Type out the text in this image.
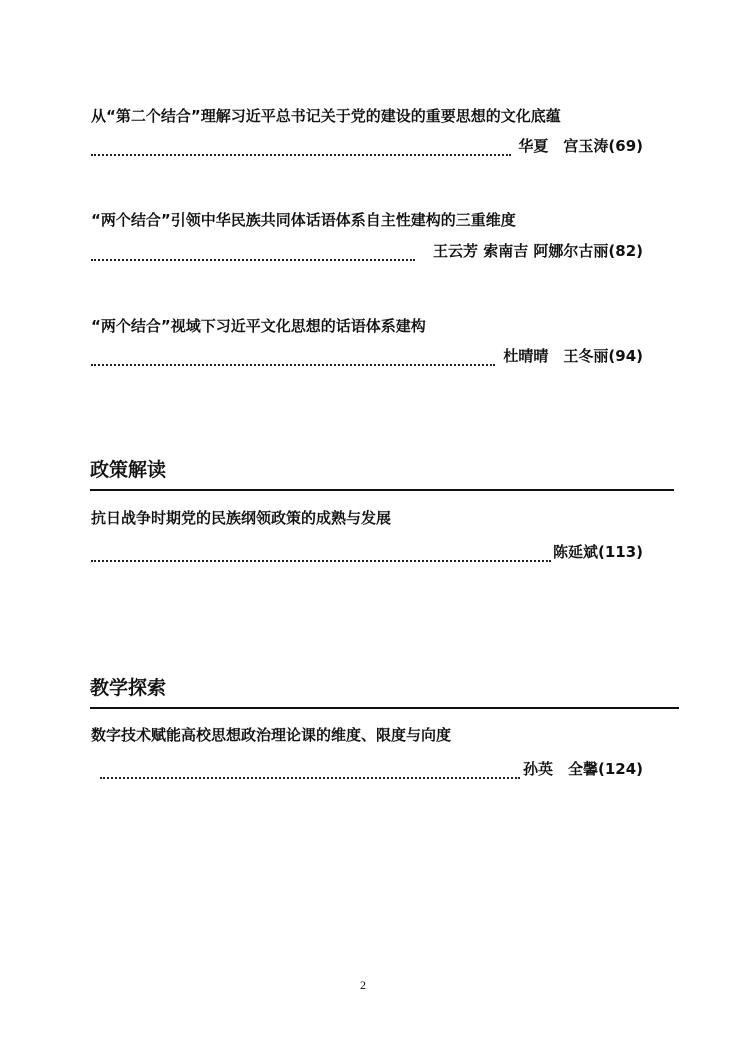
从“第二个结合”理解习近平总书记关于党的建设的重要思想的文化底蕴
华夏　宫玉涛(69)
“两个结合”引领中华民族共同体话语体系自主性建构的三重维度
王云芳 索南吉 阿娜尔古丽(82)
“两个结合”视域下习近平文化思想的话语体系建构
杜晴晴　王冬丽(94)
政策解读
抗日战争时期党的民族纲领政策的成熟与发展
陈延斌(113)
教学探索
数字技术赋能高校思想政治理论课的维度、限度与向度
孙英　全馨(124)
2
